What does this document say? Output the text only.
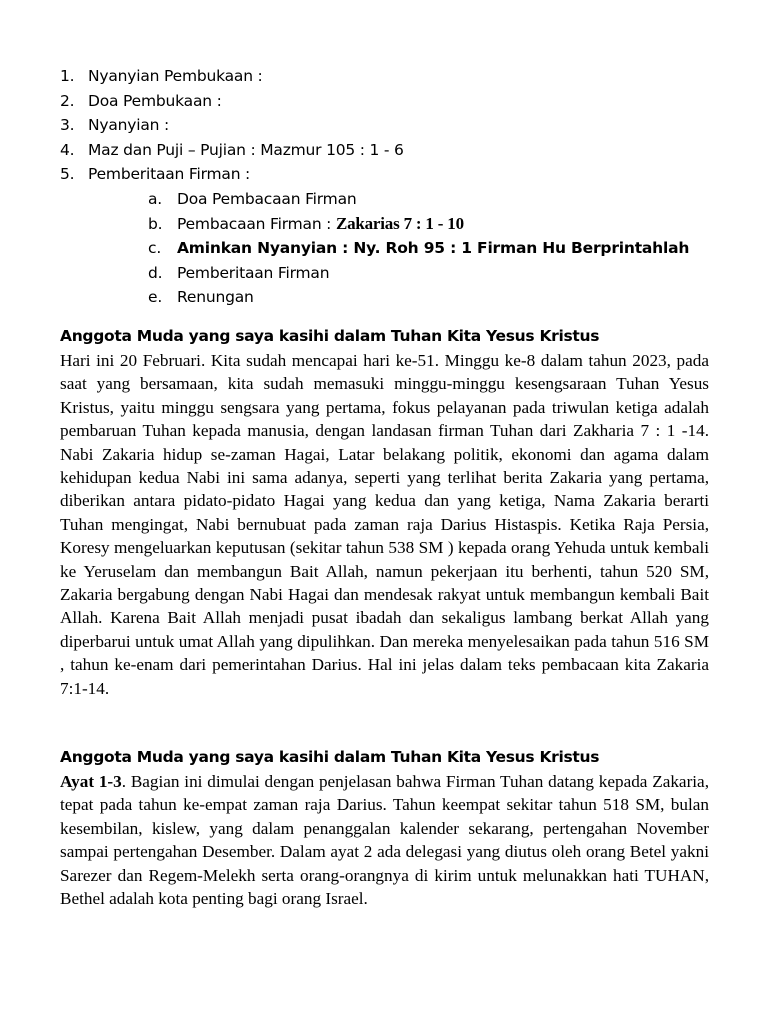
1. Nyanyian Pembukaan :
2. Doa Pembukaan :
3. Nyanyian :
4. Maz dan Puji – Pujian : Mazmur 105 : 1 - 6
5. Pemberitaan Firman :
a. Doa Pembacaan Firman
b. Pembacaan Firman : Zakarias 7 : 1 - 10
c. Aminkan Nyanyian : Ny. Roh 95 : 1 Firman Hu Berprintahlah
d. Pemberitaan Firman
e. Renungan
Anggota Muda yang saya kasihi dalam Tuhan Kita Yesus Kristus
Hari ini 20 Februari. Kita sudah mencapai hari ke-51. Minggu ke-8 dalam tahun 2023, pada saat yang bersamaan, kita sudah memasuki minggu-minggu kesengsaraan Tuhan Yesus Kristus, yaitu minggu sengsara yang pertama, fokus pelayanan pada triwulan ketiga adalah pembaruan Tuhan kepada manusia, dengan landasan firman Tuhan dari Zakharia 7 : 1 -14. Nabi Zakaria hidup se-zaman Hagai, Latar belakang politik, ekonomi dan agama dalam kehidupan kedua Nabi ini sama adanya, seperti yang terlihat berita Zakaria yang pertama, diberikan antara pidato-pidato Hagai yang kedua dan yang ketiga, Nama Zakaria berarti Tuhan mengingat, Nabi bernubuat pada zaman raja Darius Histaspis. Ketika Raja Persia, Koresy mengeluarkan keputusan (sekitar tahun 538 SM ) kepada orang Yehuda untuk kembali ke Yeruselam dan membangun Bait Allah, namun pekerjaan itu berhenti, tahun 520 SM, Zakaria bergabung dengan Nabi Hagai dan mendesak rakyat untuk membangun kembali Bait Allah. Karena Bait Allah menjadi pusat ibadah dan sekaligus lambang berkat Allah yang diperbarui untuk umat Allah yang dipulihkan. Dan mereka menyelesaikan pada tahun 516 SM , tahun ke-enam dari pemerintahan Darius. Hal ini jelas dalam teks pembacaan kita Zakaria 7:1-14.
Anggota Muda yang saya kasihi dalam Tuhan Kita Yesus Kristus
Ayat 1-3. Bagian ini dimulai dengan penjelasan bahwa Firman Tuhan datang kepada Zakaria, tepat pada tahun ke-empat zaman raja Darius. Tahun keempat sekitar tahun 518 SM, bulan kesembilan, kislew, yang dalam penanggalan kalender sekarang, pertengahan November sampai pertengahan Desember. Dalam ayat 2 ada delegasi yang diutus oleh orang Betel yakni Sarezer dan Regem-Melekh serta orang-orangnya di kirim untuk melunakkan hati TUHAN, Bethel adalah kota penting bagi orang Israel.
